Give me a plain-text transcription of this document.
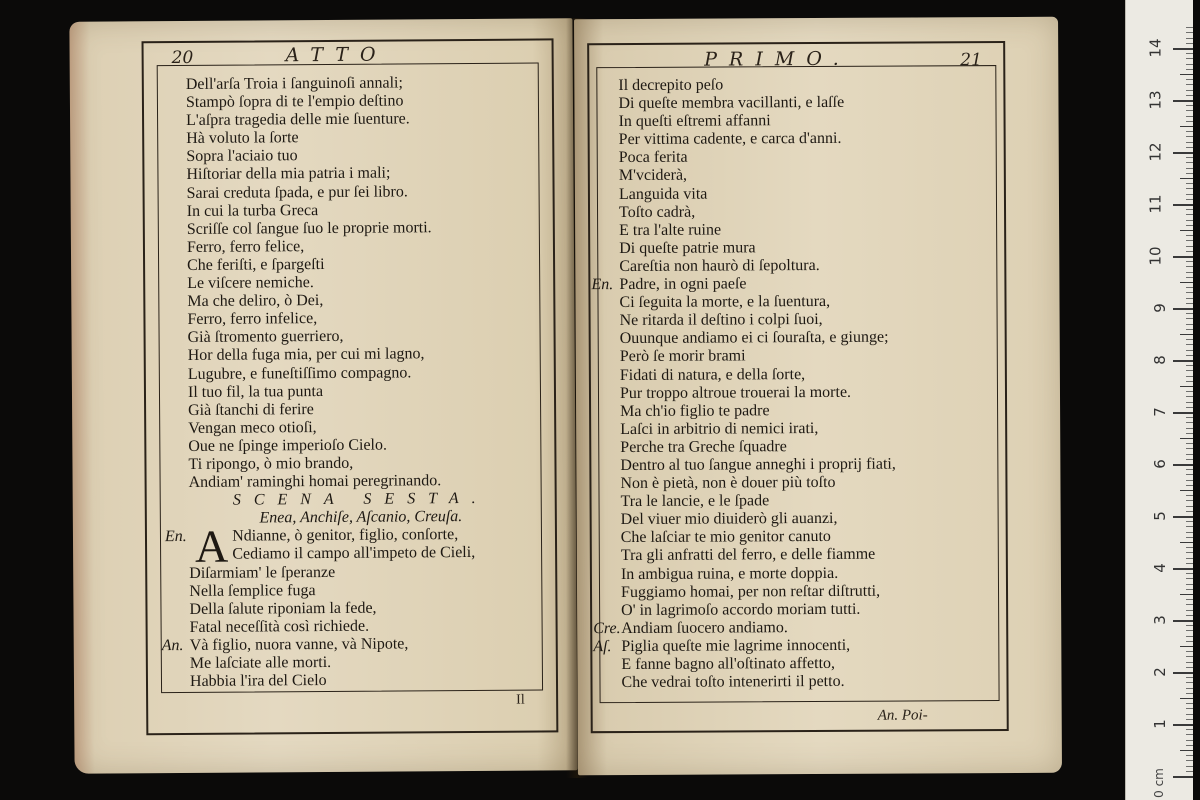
20	ATTO
Dell'arſa Troia i ſanguinoſi annali;
Stampò ſopra di te l'empio deſtino
L'aſpra tragedia delle mie ſuenture.
Hà voluto la ſorte
Sopra l'aciaio tuo
Hiſtoriar della mia patria i mali;
Sarai creduta ſpada, e pur ſei libro.
In cui la turba Greca
Scriſſe col ſangue ſuo le proprie morti.
Ferro, ferro felice,
Che feriſti, e ſpargeſti
Le viſcere nemiche.
Ma che deliro, ò Dei,
Ferro, ferro infelice,
Già ſtromento guerriero,
Hor della fuga mia, per cui mi lagno,
Lugubre, e funeſtiſſimo compagno.
Il tuo fil, la tua punta
Già ſtanchi di ferire
Vengan meco otioſi,
Oue ne ſpinge imperioſo Cielo.
Ti ripongo, ò mio brando,
Andiam' raminghi homai peregrinando.
SCENA SESTA.
Enea, Anchiſe, Aſcanio, Creuſa.
En. A Ndianne, ò genitor, figlio, conſorte,
Cediamo il campo all'impeto de Cieli,
Diſarmiam' le ſperanze
Nella ſemplice fuga
Della ſalute riponiam la fede,
Fatal neceſſità così richiede.
An. Và figlio, nuora vanne, và Nipote,
Me laſciate alle morti.
Habbia l'ira del Cielo
Il
PRIMO.	21
Il decrepito peſo
Di queſte membra vacillanti, e laſſe
In queſti eſtremi affanni
Per vittima cadente, e carca d'anni.
Poca ferita
M'vciderà,
Languida vita
Toſto cadrà,
E tra l'alte ruine
Di queſte patrie mura
Careſtia non haurò di ſepoltura.
En. Padre, in ogni paeſe
Ci ſeguita la morte, e la ſuentura,
Ne ritarda il deſtino i colpi ſuoi,
Ouunque andiamo ei ci ſouraſta, e giunge;
Però ſe morir brami
Fidati di natura, e della ſorte,
Pur troppo altroue trouerai la morte.
Ma ch'io figlio te padre
Laſci in arbitrio di nemici irati,
Perche tra Greche ſquadre
Dentro al tuo ſangue anneghi i proprij fiati,
Non è pietà, non è douer più toſto
Tra le lancie, e le ſpade
Del viuer mio diuiderò gli auanzi,
Che laſciar te mio genitor canuto
Tra gli anfratti del ferro, e delle fiamme
In ambigua ruina, e morte doppia.
Fuggiamo homai, per non reſtar diſtrutti,
O' in lagrimoſo accordo moriam tutti.
Cre.Andiam ſuocero andiamo.
Aſ. Piglia queſte mie lagrime innocenti,
E fanne bagno all'oſtinato affetto,
Che vedrai toſto intenerirti il petto.
An. Poi-
14
13
12
11
10
9
8
7
6
5
4
3
2
1
0 cm
